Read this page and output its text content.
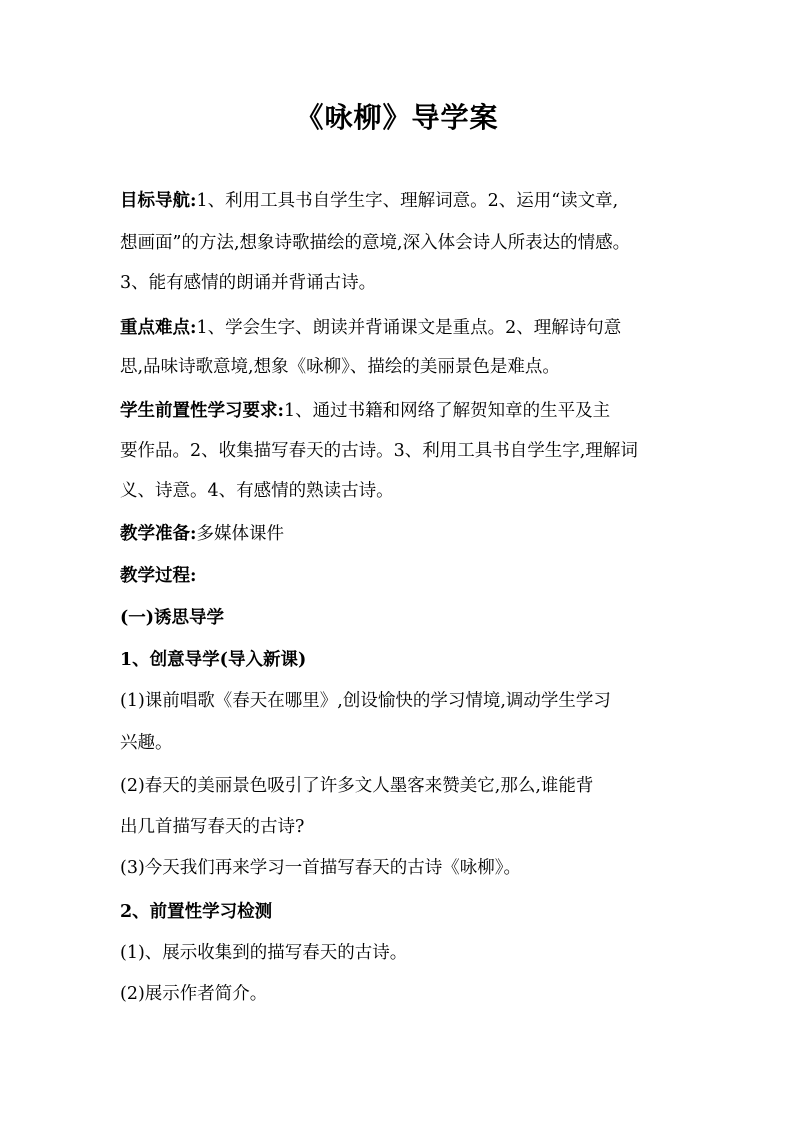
《咏柳》导学案
目标导航:1、利用工具书自学生字、理解词意。2、运用“读文章,
想画面”的方法,想象诗歌描绘的意境,深入体会诗人所表达的情感。
3、能有感情的朗诵并背诵古诗。
重点难点:1、学会生字、朗读并背诵课文是重点。2、理解诗句意
思,品味诗歌意境,想象《咏柳》、描绘的美丽景色是难点。
学生前置性学习要求:1、通过书籍和网络了解贺知章的生平及主
要作品。2、收集描写春天的古诗。3、利用工具书自学生字,理解词
义、诗意。4、有感情的熟读古诗。
教学准备:多媒体课件
教学过程:
(一)诱思导学
1、创意导学(导入新课)
(1)课前唱歌《春天在哪里》,创设愉快的学习情境,调动学生学习
兴趣。
(2)春天的美丽景色吸引了许多文人墨客来赞美它,那么,谁能背
出几首描写春天的古诗?
(3)今天我们再来学习一首描写春天的古诗《咏柳》。
2、前置性学习检测
(1)、展示收集到的描写春天的古诗。
(2)展示作者简介。
